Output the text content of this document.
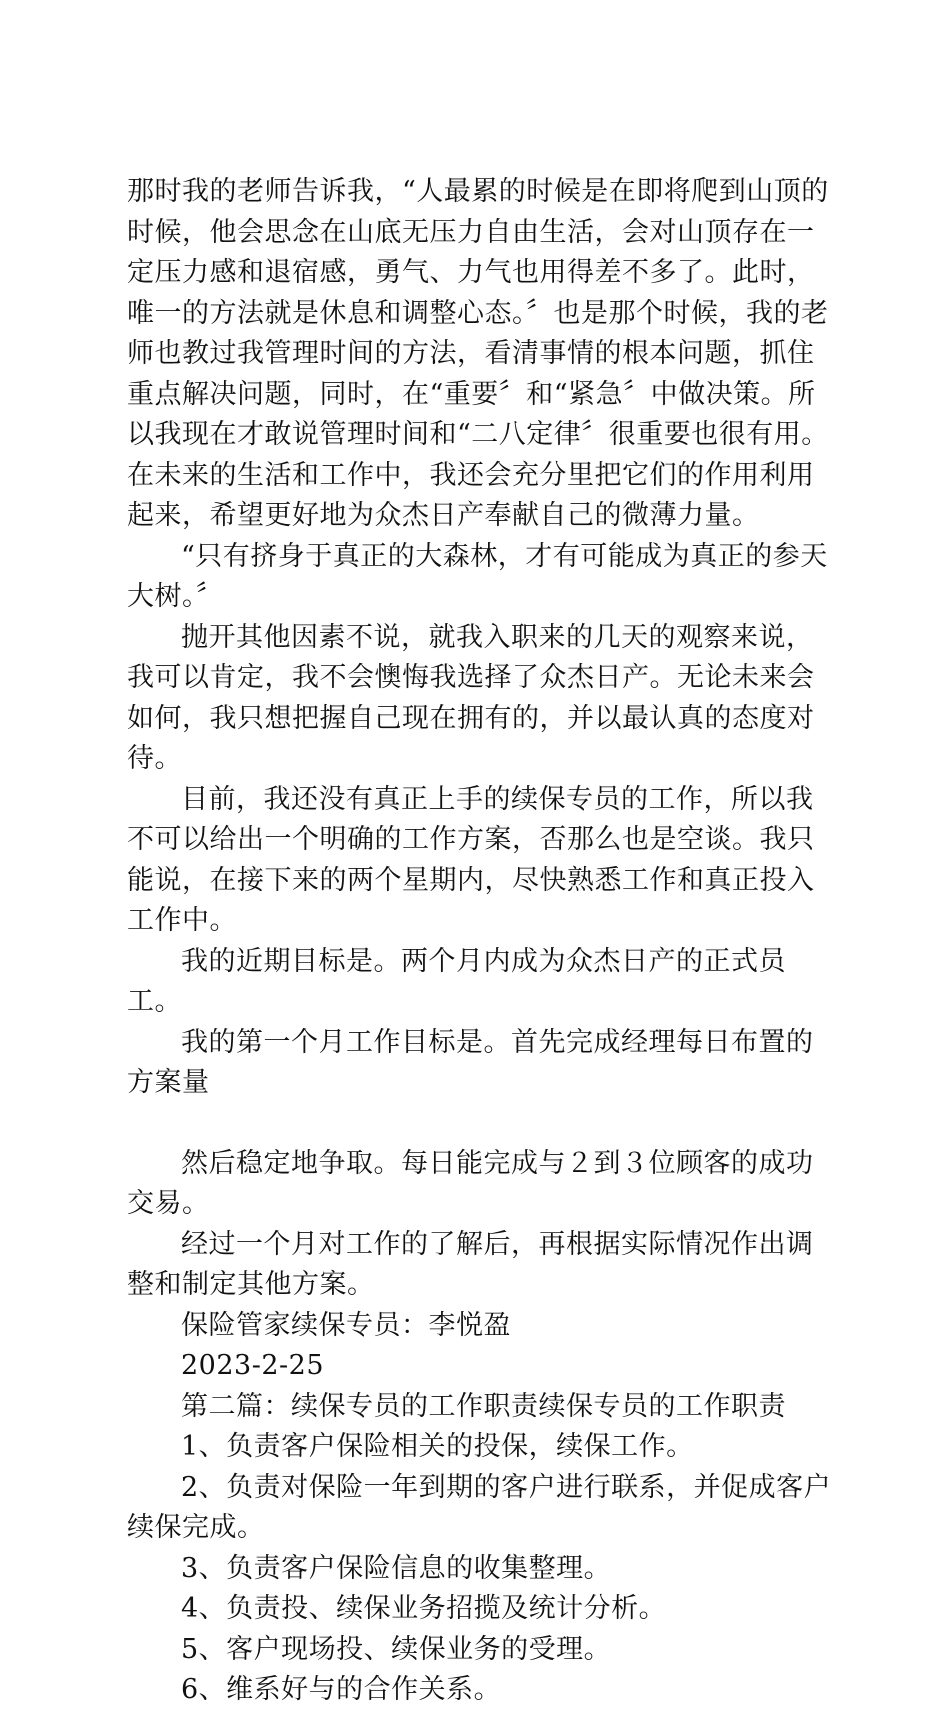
那时我的老师告诉我，“人最累的时候是在即将爬到山顶的时候，他会思念在山底无压力自由生活，会对山顶存在一定压力感和退宿感，勇气、力气也用得差不多了。此时，唯一的方法就是休息和调整心态。〞也是那个时候，我的老师也教过我管理时间的方法，看清事情的根本问题，抓住重点解决问题，同时，在“重要〞和“紧急〞中做决策。所以我现在才敢说管理时间和“二八定律〞很重要也很有用。在未来的生活和工作中，我还会充分里把它们的作用利用起来，希望更好地为众杰日产奉献自己的微薄力量。

“只有挤身于真正的大森林，才有可能成为真正的参天大树。〞

抛开其他因素不说，就我入职来的几天的观察来说，我可以肯定，我不会懊悔我选择了众杰日产。无论未来会如何，我只想把握自己现在拥有的，并以最认真的态度对待。

目前，我还没有真正上手的续保专员的工作，所以我不可以给出一个明确的工作方案，否那么也是空谈。我只能说，在接下来的两个星期内，尽快熟悉工作和真正投入工作中。

我的近期目标是。两个月内成为众杰日产的正式员工。

我的第一个月工作目标是。首先完成经理每日布置的方案量

然后稳定地争取。每日能完成与２到３位顾客的成功交易。

经过一个月对工作的了解后，再根据实际情况作出调整和制定其他方案。

保险管家续保专员：李悦盈

2023-2-25

第二篇：续保专员的工作职责续保专员的工作职责

1、负责客户保险相关的投保，续保工作。

2、负责对保险一年到期的客户进行联系，并促成客户续保完成。

3、负责客户保险信息的收集整理。

4、负责投、续保业务招揽及统计分析。

5、客户现场投、续保业务的受理。

6、维系好与的合作关系。
